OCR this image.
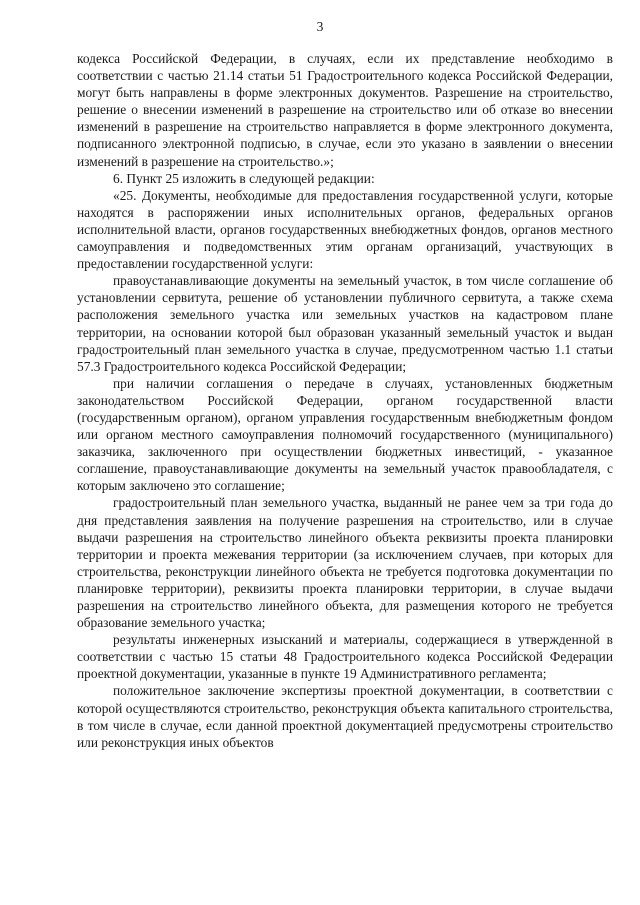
3

кодекса Российской Федерации, в случаях, если их представление необходимо в соответствии с частью 21.14 статьи 51 Градостроительного кодекса Российской Федерации, могут быть направлены в форме электронных документов. Разрешение на строительство, решение о внесении изменений в разрешение на строительство или об отказе во внесении изменений в разрешение на строительство направляется в форме электронного документа, подписанного электронной подписью, в случае, если это указано в заявлении о внесении изменений в разрешение на строительство.»;

6. Пункт 25 изложить в следующей редакции:

«25. Документы, необходимые для предоставления государственной услуги, которые находятся в распоряжении иных исполнительных органов, федеральных органов исполнительной власти, органов государственных внебюджетных фондов, органов местного самоуправления и подведомственных этим органам организаций, участвующих в предоставлении государственной услуги:

правоустанавливающие документы на земельный участок, в том числе соглашение об установлении сервитута, решение об установлении публичного сервитута, а также схема расположения земельного участка или земельных участков на кадастровом плане территории, на основании которой был образован указанный земельный участок и выдан градостроительный план земельного участка в случае, предусмотренном частью 1.1 статьи 57.3 Градостроительного кодекса Российской Федерации;

при наличии соглашения о передаче в случаях, установленных бюджетным законодательством Российской Федерации, органом государственной власти (государственным органом), органом управления государственным внебюджетным фондом или органом местного самоуправления полномочий государственного (муниципального) заказчика, заключенного при осуществлении бюджетных инвестиций, - указанное соглашение, правоустанавливающие документы на земельный участок правообладателя, с которым заключено это соглашение;

градостроительный план земельного участка, выданный не ранее чем за три года до дня представления заявления на получение разрешения на строительство, или в случае выдачи разрешения на строительство линейного объекта реквизиты проекта планировки территории и проекта межевания территории (за исключением случаев, при которых для строительства, реконструкции линейного объекта не требуется подготовка документации по планировке территории), реквизиты проекта планировки территории, в случае выдачи разрешения на строительство линейного объекта, для размещения которого не требуется образование земельного участка;

результаты инженерных изысканий и материалы, содержащиеся в утвержденной в соответствии с частью 15 статьи 48 Градостроительного кодекса Российской Федерации проектной документации, указанные в пункте 19 Административного регламента;

положительное заключение экспертизы проектной документации, в соответствии с которой осуществляются строительство, реконструкция объекта капитального строительства, в том числе в случае, если данной проектной документацией предусмотрены строительство или реконструкция иных объектов
